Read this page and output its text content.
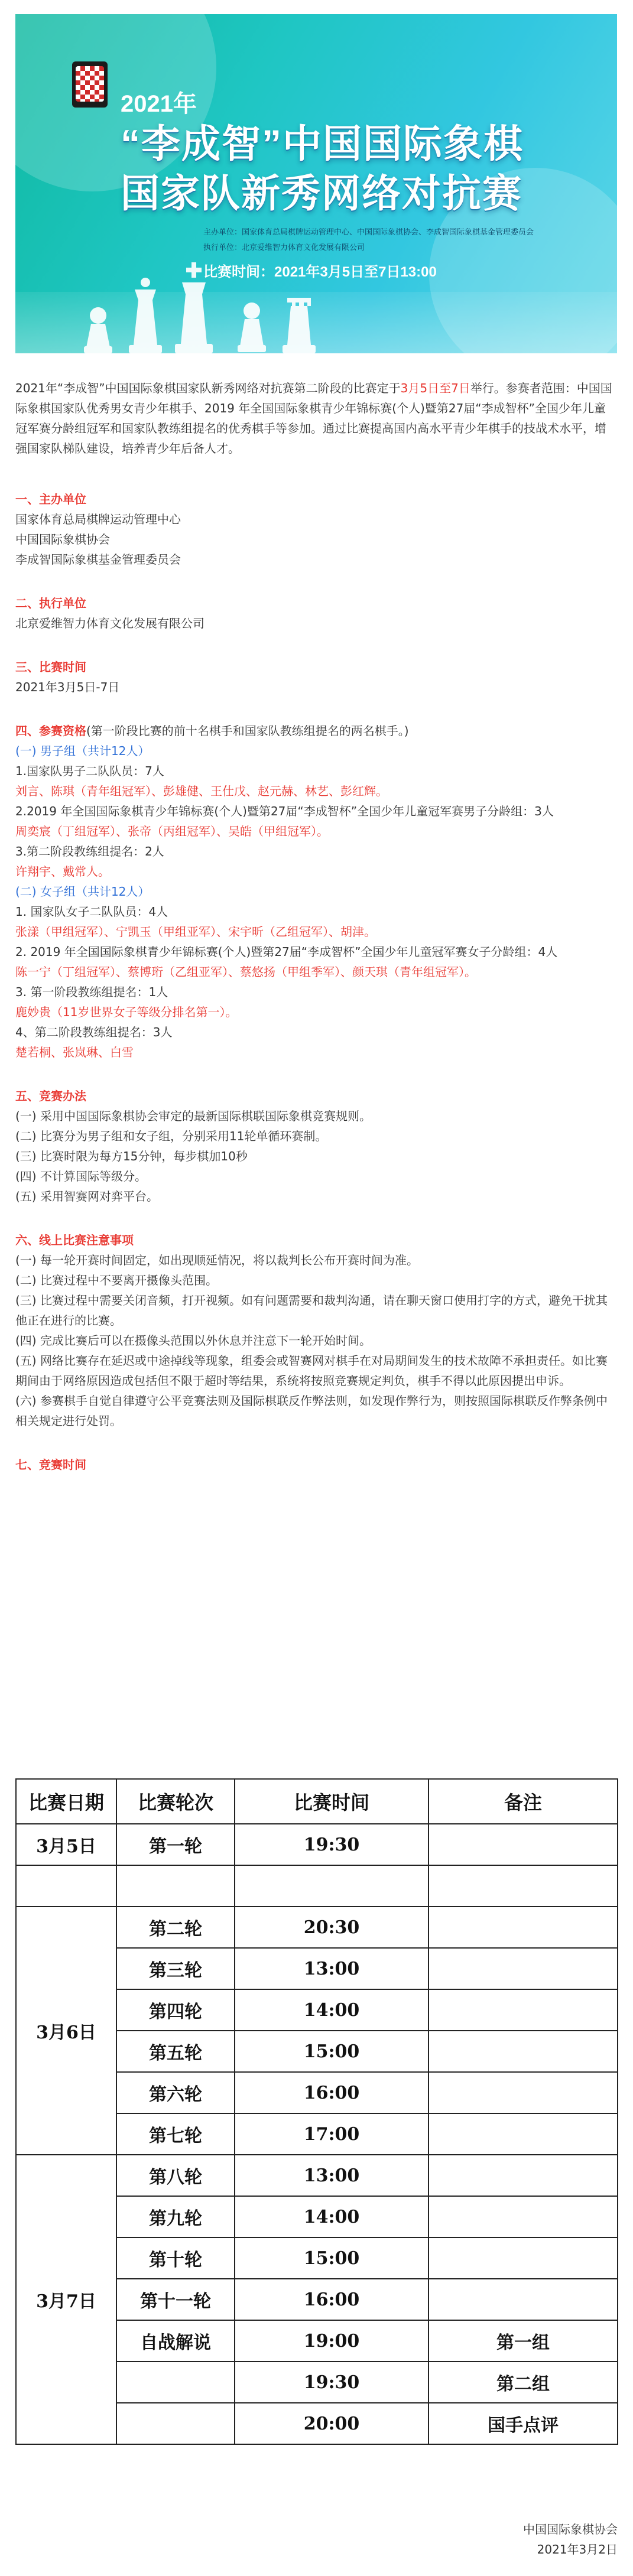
2021年
“李成智”中国国际象棋
国家队新秀网络对抗赛
主办单位：国家体育总局棋牌运动管理中心、中国国际象棋协会、李成智国际象棋基金管理委员会
执行单位：北京爱维智力体育文化发展有限公司
比赛时间：2021年3月5日至7日13:00

2021年“李成智”中国国际象棋国家队新秀网络对抗赛第二阶段的比赛定于3月5日至7日举行。参赛者范围：中国国际象棋国家队优秀男女青少年棋手、2019 年全国国际象棋青少年锦标赛(个人)暨第27届“李成智杯”全国少年儿童冠军赛分龄组冠军和国家队教练组提名的优秀棋手等参加。通过比赛提高国内高水平青少年棋手的技战术水平，增强国家队梯队建设，培养青少年后备人才。

一、主办单位

国家体育总局棋牌运动管理中心

中国国际象棋协会

李成智国际象棋基金管理委员会

二、执行单位

北京爱维智力体育文化发展有限公司

三、比赛时间

2021年3月5日-7日

四、参赛资格(第一阶段比赛的前十名棋手和国家队教练组提名的两名棋手。)

(一) 男子组（共计12人）

1.国家队男子二队队员：7人

刘言、陈琪（青年组冠军）、彭雄健、王仕戊、赵元赫、林艺、彭红辉。

2.2019 年全国国际象棋青少年锦标赛(个人)暨第27届“李成智杯”全国少年儿童冠军赛男子分龄组：3人

周奕宸（丁组冠军）、张帝（丙组冠军）、吴皓（甲组冠军）。

3.第二阶段教练组提名：2人

许翔宇、戴常人。

(二) 女子组（共计12人）

1. 国家队女子二队队员：4人

张漾（甲组冠军）、宁凯玉（甲组亚军）、宋宇昕（乙组冠军）、胡津。

2. 2019 年全国国际象棋青少年锦标赛(个人)暨第27届“李成智杯”全国少年儿童冠军赛女子分龄组：4人

陈一宁（丁组冠军）、蔡博珩（乙组亚军）、蔡悠扬（甲组季军）、颜天琪（青年组冠军）。

3. 第一阶段教练组提名：1人

鹿妙贵（11岁世界女子等级分排名第一）。

4、第二阶段教练组提名：3人

楚若桐、张岚琳、白雪

五、竞赛办法

(一) 采用中国国际象棋协会审定的最新国际棋联国际象棋竞赛规则。

(二) 比赛分为男子组和女子组，分别采用11轮单循环赛制。

(三) 比赛时限为每方15分钟，每步棋加10秒

(四) 不计算国际等级分。

(五) 采用智赛网对弈平台。

六、线上比赛注意事项

(一) 每一轮开赛时间固定，如出现顺延情况，将以裁判长公布开赛时间为准。

(二) 比赛过程中不要离开摄像头范围。

(三) 比赛过程中需要关闭音频，打开视频。如有问题需要和裁判沟通，请在聊天窗口使用打字的方式，避免干扰其他正在进行的比赛。

(四) 完成比赛后可以在摄像头范围以外休息并注意下一轮开始时间。

(五) 网络比赛存在延迟或中途掉线等现象，组委会或智赛网对棋手在对局期间发生的技术故障不承担责任。如比赛期间由于网络原因造成包括但不限于超时等结果，系统将按照竞赛规定判负，棋手不得以此原因提出申诉。

(六) 参赛棋手自觉自律遵守公平竞赛法则及国际棋联反作弊法则，如发现作弊行为，则按照国际棋联反作弊条例中相关规定进行处罚。

七、竞赛时间

比赛日期	比赛轮次	比赛时间	备注
3月5日	第一轮	19:30	

3月6日	第二轮	20:30	
	第三轮	13:00	
	第四轮	14:00	
	第五轮	15:00	
	第六轮	16:00	
	第七轮	17:00	
3月7日	第八轮	13:00	
	第九轮	14:00	
	第十轮	15:00	
	第十一轮	16:00	
	自战解说	19:00	第一组
		19:30	第二组
		20:00	国手点评
中国国际象棋协会
2021年3月2日
